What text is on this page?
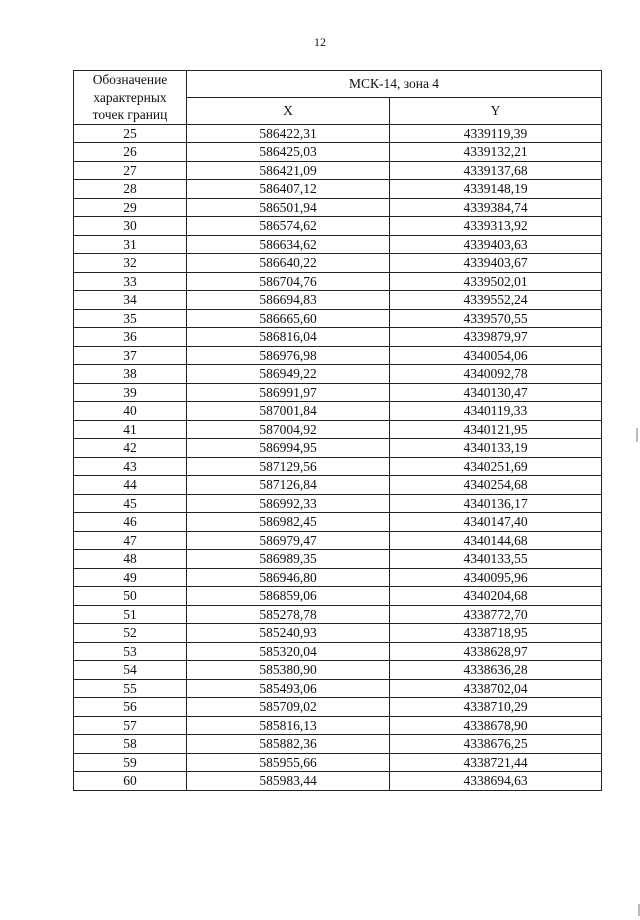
12
Обозначение
характерных
точек границ	МСК-14, зона 4	
	X	Y
25	586422,31	4339119,39
26	586425,03	4339132,21
27	586421,09	4339137,68
28	586407,12	4339148,19
29	586501,94	4339384,74
30	586574,62	4339313,92
31	586634,62	4339403,63
32	586640,22	4339403,67
33	586704,76	4339502,01
34	586694,83	4339552,24
35	586665,60	4339570,55
36	586816,04	4339879,97
37	586976,98	4340054,06
38	586949,22	4340092,78
39	586991,97	4340130,47
40	587001,84	4340119,33
41	587004,92	4340121,95
42	586994,95	4340133,19
43	587129,56	4340251,69
44	587126,84	4340254,68
45	586992,33	4340136,17
46	586982,45	4340147,40
47	586979,47	4340144,68
48	586989,35	4340133,55
49	586946,80	4340095,96
50	586859,06	4340204,68
51	585278,78	4338772,70
52	585240,93	4338718,95
53	585320,04	4338628,97
54	585380,90	4338636,28
55	585493,06	4338702,04
56	585709,02	4338710,29
57	585816,13	4338678,90
58	585882,36	4338676,25
59	585955,66	4338721,44
60	585983,44	4338694,63
